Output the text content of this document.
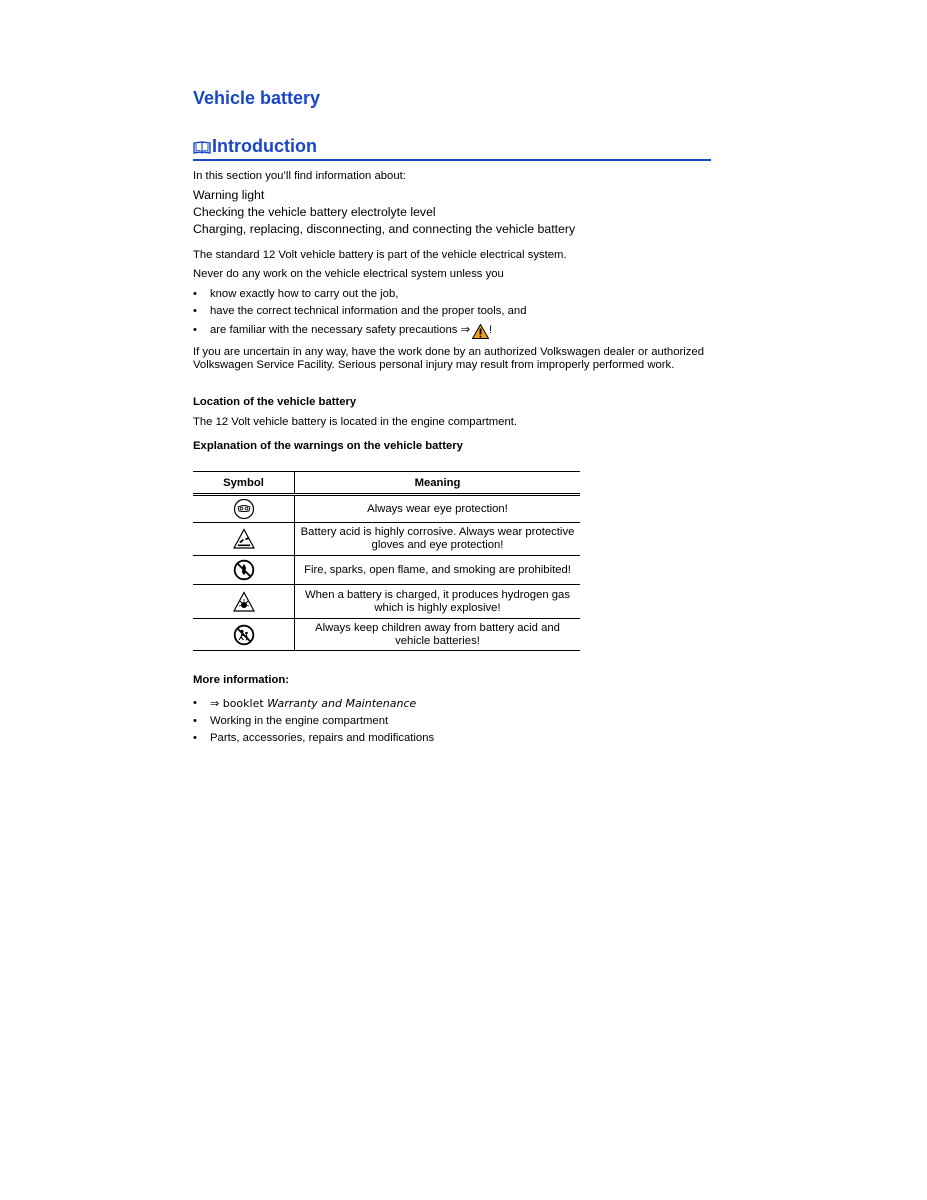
Vehicle battery
Introduction

In this section you’ll find information about:

Warning light

Checking the vehicle battery electrolyte level

Charging, replacing, disconnecting, and connecting the vehicle battery

The standard 12 Volt vehicle battery is part of the vehicle electrical system.

Never do any work on the vehicle electrical system unless you

•	know exactly how to carry out the job,
•	have the correct technical information and the proper tools, and
•	are familiar with the necessary safety precautions ⇒ !

If you are uncertain in any way, have the work done by an authorized Volkswagen dealer or authorized Volkswagen Service Facility. Serious personal injury may result from improperly performed work.

Location of the vehicle battery

The 12 Volt vehicle battery is located in the engine compartment.

Explanation of the warnings on the vehicle battery

Symbol	Meaning
	Always wear eye protection!
	Battery acid is highly corrosive. Always wear protective gloves and eye protection!
	Fire, sparks, open flame, and smoking are prohibited!
	When a battery is charged, it produces hydrogen gas which is highly explosive!
	Always keep children away from battery acid and vehicle batteries!

More information:

•	⇒ booklet Warranty and Maintenance
•	Working in the engine compartment
•	Parts, accessories, repairs and modifications
